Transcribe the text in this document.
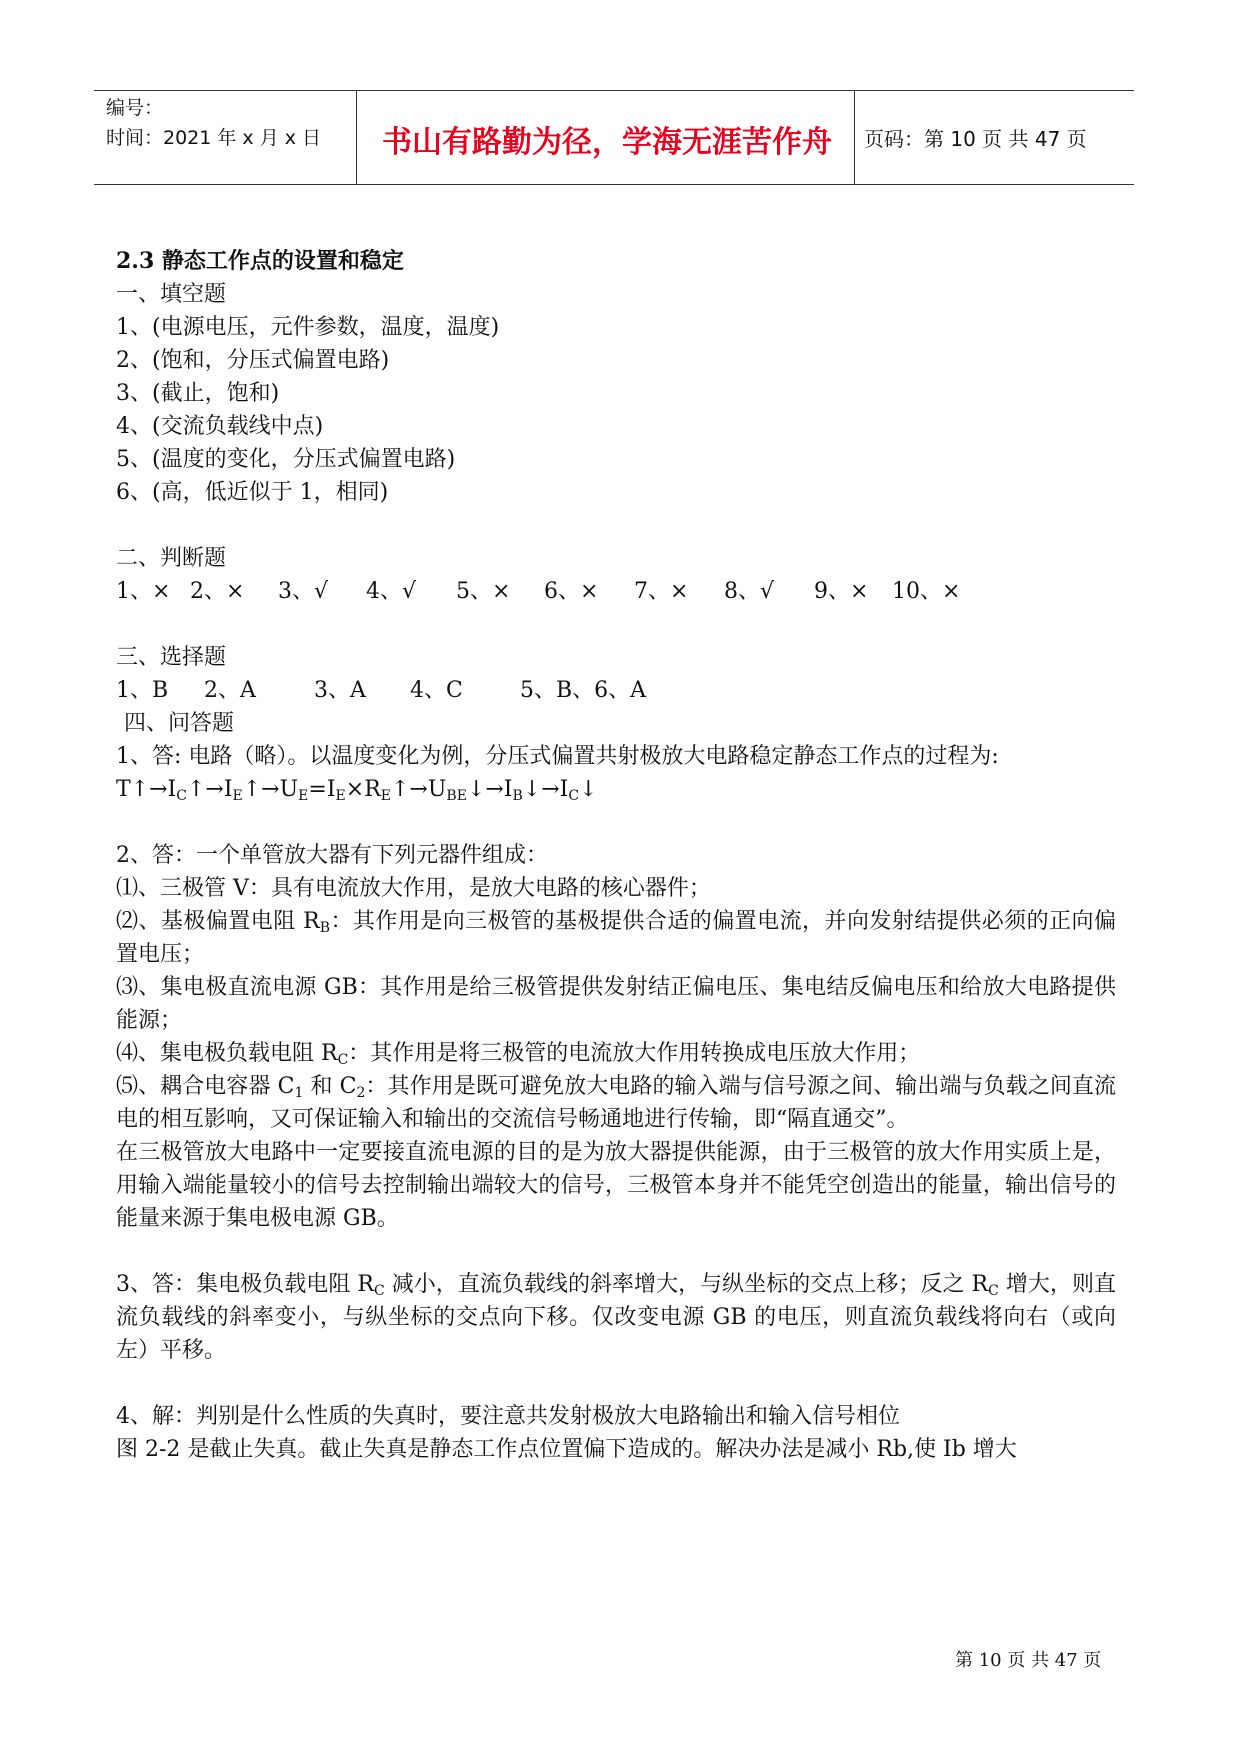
编号：
时间：2021 年 x 月 x 日	书山有路勤为径，学海无涯苦作舟	页码：第 10 页 共 47 页

2.3 静态工作点的设置和稳定

一、填空题

1、(电源电压，元件参数，温度，温度)

2、(饱和，分压式偏置电路)

3、(截止，饱和)

4、(交流负载线中点)

5、(温度的变化，分压式偏置电路)

6、(高，低近似于 1，相同)

二、判断题

1、× 2、× 3、√ 4、√ 5、× 6、× 7、× 8、√ 9、× 10、×

三、选择题

1、B 2、A	3、A 4、C	5、B、6、A

四、问答题

1、答: 电路（略）。以温度变化为例，分压式偏置共射极放大电路稳定静态工作点的过程为:

$T↑\to I_C↑\to I_E↑\to U_E=I_E\times R_E↑\to U_{BE}↓\to I_B↓\to I_C↓$

2、答：一个单管放大器有下列元器件组成：

⑴、三极管 V：具有电流放大作用，是放大电路的核心器件；

⑵、基极偏置电阻 $R_B$：其作用是向三极管的基极提供合适的偏置电流，并向发射结提供必须的正向偏置电压；

⑶、集电极直流电源 GB：其作用是给三极管提供发射结正偏电压、集电结反偏电压和给放大电路提供能源；

⑷、集电极负载电阻 $R_C$：其作用是将三极管的电流放大作用转换成电压放大作用；

⑸、耦合电容器 $C_1$ 和 $C_2$：其作用是既可避免放大电路的输入端与信号源之间、输出端与负载之间直流电的相互影响，又可保证输入和输出的交流信号畅通地进行传输，即“隔直通交”。

在三极管放大电路中一定要接直流电源的目的是为放大器提供能源，由于三极管的放大作用实质上是，用输入端能量较小的信号去控制输出端较大的信号，三极管本身并不能凭空创造出的能量，输出信号的能量来源于集电极电源 GB。

3、答：集电极负载电阻 $R_C$ 减小，直流负载线的斜率增大，与纵坐标的交点上移；反之 $R_C$ 增大，则直流负载线的斜率变小，与纵坐标的交点向下移。仅改变电源 GB 的电压，则直流负载线将向右（或向左）平移。

4、解：判别是什么性质的失真时，要注意共发射极放大电路输出和输入信号相位

图 2-2 是截止失真。截止失真是静态工作点位置偏下造成的。解决办法是减小 Rb,使 Ib 增大

第 10 页 共 47 页
